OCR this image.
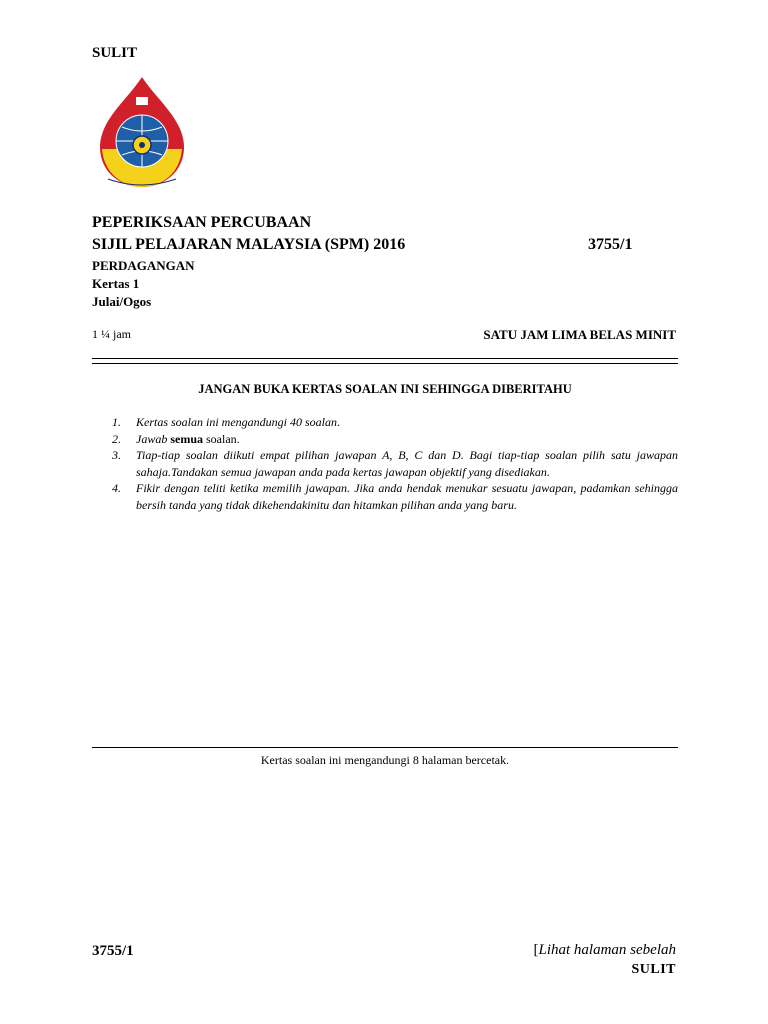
SULIT
PEPERIKSAAN PERCUBAAN
SIJIL PELAJARAN MALAYSIA (SPM) 2016	3755/1
PERDAGANGAN
Kertas 1
Julai/Ogos
1 ¼ jam	SATU JAM LIMA BELAS MINIT
JANGAN BUKA KERTAS SOALAN INI SEHINGGA DIBERITAHU
1. Kertas soalan ini mengandungi 40 soalan.
2. Jawab semua soalan.
3. Tiap-tiap soalan diikuti empat pilihan jawapan A, B, C dan D. Bagi tiap-tiap soalan pilih satu jawapan sahaja.Tandakan semua jawapan anda pada kertas jawapan objektif yang disediakan.
4. Fikir dengan teliti ketika memilih jawapan. Jika anda hendak menukar sesuatu jawapan, padamkan sehingga bersih tanda yang tidak dikehendakinitu dan hitamkan pilihan anda yang baru.
Kertas soalan ini mengandungi 8 halaman bercetak.
3755/1	[Lihat halaman sebelah
SULIT
